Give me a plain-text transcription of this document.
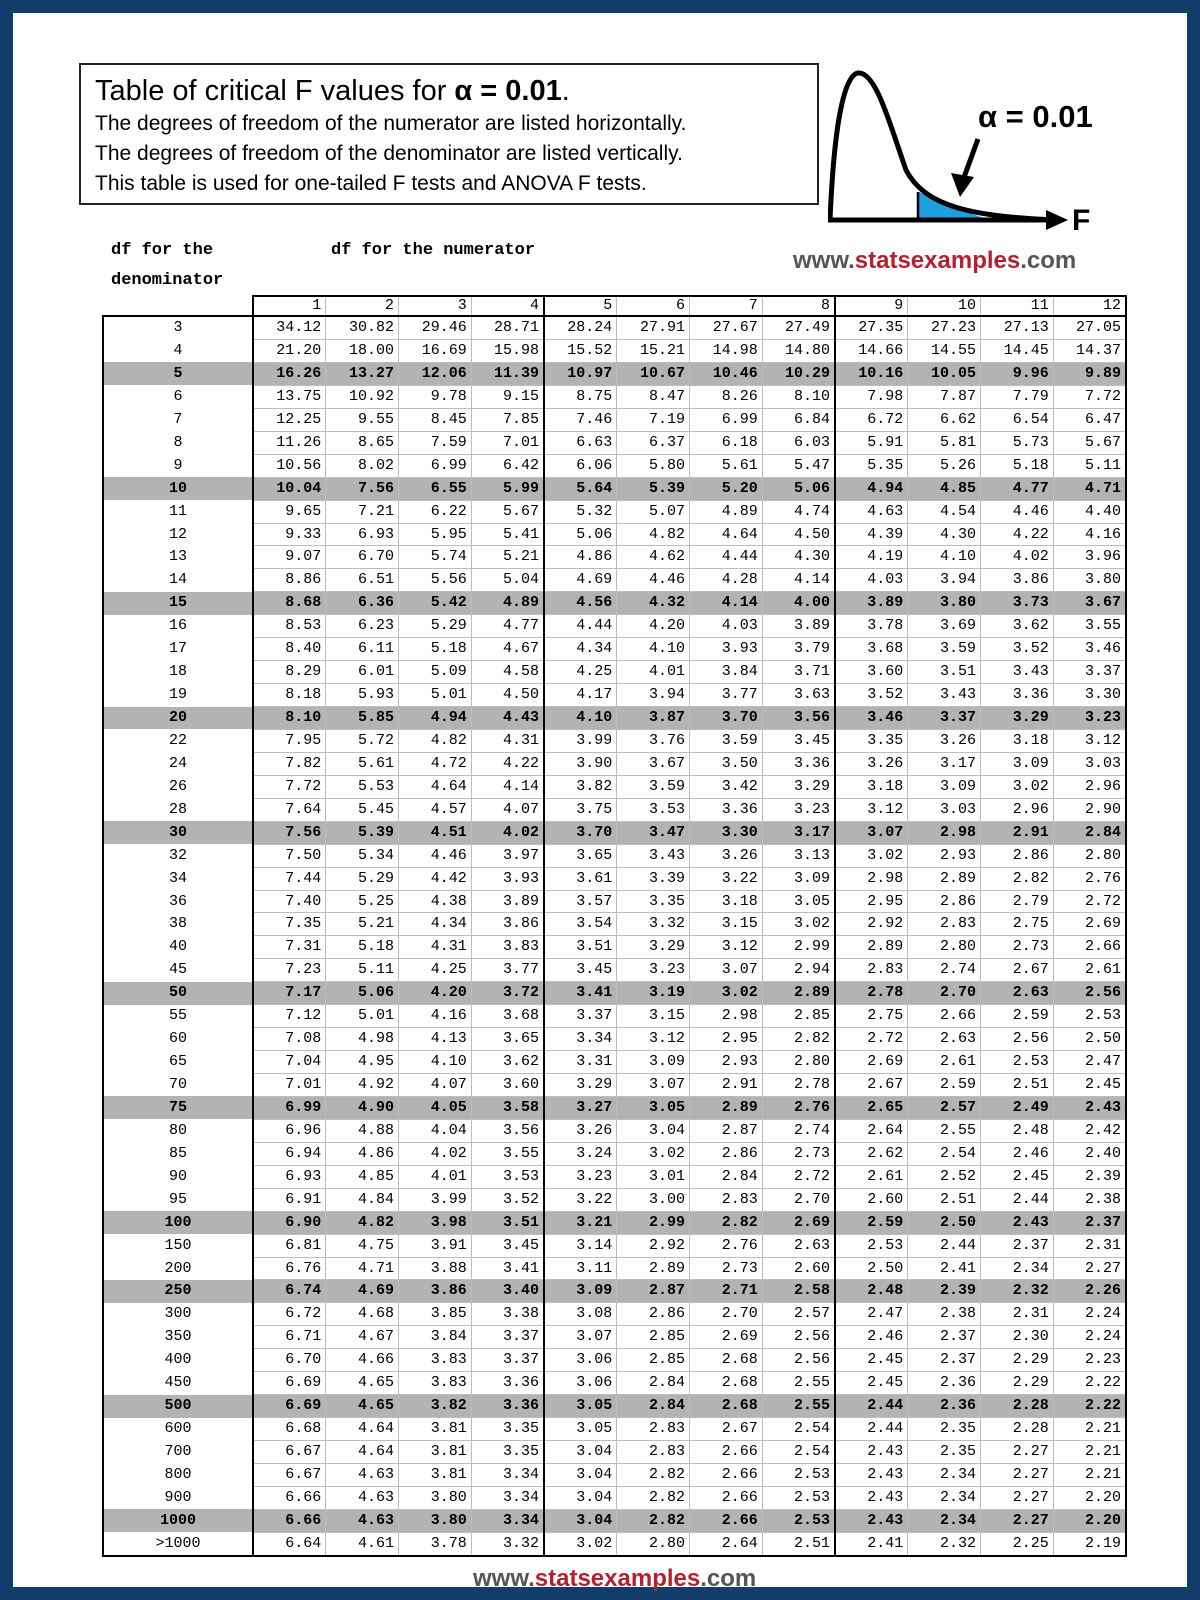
Table of critical F values for α = 0.01.
The degrees of freedom of the numerator are listed horizontally.
The degrees of freedom of the denominator are listed vertically.
This table is used for one-tailed F tests and ANOVA F tests.
α = 0.01
F
df for the
denominator
df for the numerator	www.statsexamples.com
	1	2	3	4	5	6	7	8	9	10	11	12
3	34.12	30.82	29.46	28.71	28.24	27.91	27.67	27.49	27.35	27.23	27.13	27.05
4	21.20	18.00	16.69	15.98	15.52	15.21	14.98	14.80	14.66	14.55	14.45	14.37
5	16.26	13.27	12.06	11.39	10.97	10.67	10.46	10.29	10.16	10.05	9.96	9.89
6	13.75	10.92	9.78	9.15	8.75	8.47	8.26	8.10	7.98	7.87	7.79	7.72
7	12.25	9.55	8.45	7.85	7.46	7.19	6.99	6.84	6.72	6.62	6.54	6.47
8	11.26	8.65	7.59	7.01	6.63	6.37	6.18	6.03	5.91	5.81	5.73	5.67
9	10.56	8.02	6.99	6.42	6.06	5.80	5.61	5.47	5.35	5.26	5.18	5.11
10	10.04	7.56	6.55	5.99	5.64	5.39	5.20	5.06	4.94	4.85	4.77	4.71
11	9.65	7.21	6.22	5.67	5.32	5.07	4.89	4.74	4.63	4.54	4.46	4.40
12	9.33	6.93	5.95	5.41	5.06	4.82	4.64	4.50	4.39	4.30	4.22	4.16
13	9.07	6.70	5.74	5.21	4.86	4.62	4.44	4.30	4.19	4.10	4.02	3.96
14	8.86	6.51	5.56	5.04	4.69	4.46	4.28	4.14	4.03	3.94	3.86	3.80
15	8.68	6.36	5.42	4.89	4.56	4.32	4.14	4.00	3.89	3.80	3.73	3.67
16	8.53	6.23	5.29	4.77	4.44	4.20	4.03	3.89	3.78	3.69	3.62	3.55
17	8.40	6.11	5.18	4.67	4.34	4.10	3.93	3.79	3.68	3.59	3.52	3.46
18	8.29	6.01	5.09	4.58	4.25	4.01	3.84	3.71	3.60	3.51	3.43	3.37
19	8.18	5.93	5.01	4.50	4.17	3.94	3.77	3.63	3.52	3.43	3.36	3.30
20	8.10	5.85	4.94	4.43	4.10	3.87	3.70	3.56	3.46	3.37	3.29	3.23
22	7.95	5.72	4.82	4.31	3.99	3.76	3.59	3.45	3.35	3.26	3.18	3.12
24	7.82	5.61	4.72	4.22	3.90	3.67	3.50	3.36	3.26	3.17	3.09	3.03
26	7.72	5.53	4.64	4.14	3.82	3.59	3.42	3.29	3.18	3.09	3.02	2.96
28	7.64	5.45	4.57	4.07	3.75	3.53	3.36	3.23	3.12	3.03	2.96	2.90
30	7.56	5.39	4.51	4.02	3.70	3.47	3.30	3.17	3.07	2.98	2.91	2.84
32	7.50	5.34	4.46	3.97	3.65	3.43	3.26	3.13	3.02	2.93	2.86	2.80
34	7.44	5.29	4.42	3.93	3.61	3.39	3.22	3.09	2.98	2.89	2.82	2.76
36	7.40	5.25	4.38	3.89	3.57	3.35	3.18	3.05	2.95	2.86	2.79	2.72
38	7.35	5.21	4.34	3.86	3.54	3.32	3.15	3.02	2.92	2.83	2.75	2.69
40	7.31	5.18	4.31	3.83	3.51	3.29	3.12	2.99	2.89	2.80	2.73	2.66
45	7.23	5.11	4.25	3.77	3.45	3.23	3.07	2.94	2.83	2.74	2.67	2.61
50	7.17	5.06	4.20	3.72	3.41	3.19	3.02	2.89	2.78	2.70	2.63	2.56
55	7.12	5.01	4.16	3.68	3.37	3.15	2.98	2.85	2.75	2.66	2.59	2.53
60	7.08	4.98	4.13	3.65	3.34	3.12	2.95	2.82	2.72	2.63	2.56	2.50
65	7.04	4.95	4.10	3.62	3.31	3.09	2.93	2.80	2.69	2.61	2.53	2.47
70	7.01	4.92	4.07	3.60	3.29	3.07	2.91	2.78	2.67	2.59	2.51	2.45
75	6.99	4.90	4.05	3.58	3.27	3.05	2.89	2.76	2.65	2.57	2.49	2.43
80	6.96	4.88	4.04	3.56	3.26	3.04	2.87	2.74	2.64	2.55	2.48	2.42
85	6.94	4.86	4.02	3.55	3.24	3.02	2.86	2.73	2.62	2.54	2.46	2.40
90	6.93	4.85	4.01	3.53	3.23	3.01	2.84	2.72	2.61	2.52	2.45	2.39
95	6.91	4.84	3.99	3.52	3.22	3.00	2.83	2.70	2.60	2.51	2.44	2.38
100	6.90	4.82	3.98	3.51	3.21	2.99	2.82	2.69	2.59	2.50	2.43	2.37
150	6.81	4.75	3.91	3.45	3.14	2.92	2.76	2.63	2.53	2.44	2.37	2.31
200	6.76	4.71	3.88	3.41	3.11	2.89	2.73	2.60	2.50	2.41	2.34	2.27
250	6.74	4.69	3.86	3.40	3.09	2.87	2.71	2.58	2.48	2.39	2.32	2.26
300	6.72	4.68	3.85	3.38	3.08	2.86	2.70	2.57	2.47	2.38	2.31	2.24
350	6.71	4.67	3.84	3.37	3.07	2.85	2.69	2.56	2.46	2.37	2.30	2.24
400	6.70	4.66	3.83	3.37	3.06	2.85	2.68	2.56	2.45	2.37	2.29	2.23
450	6.69	4.65	3.83	3.36	3.06	2.84	2.68	2.55	2.45	2.36	2.29	2.22
500	6.69	4.65	3.82	3.36	3.05	2.84	2.68	2.55	2.44	2.36	2.28	2.22
600	6.68	4.64	3.81	3.35	3.05	2.83	2.67	2.54	2.44	2.35	2.28	2.21
700	6.67	4.64	3.81	3.35	3.04	2.83	2.66	2.54	2.43	2.35	2.27	2.21
800	6.67	4.63	3.81	3.34	3.04	2.82	2.66	2.53	2.43	2.34	2.27	2.21
900	6.66	4.63	3.80	3.34	3.04	2.82	2.66	2.53	2.43	2.34	2.27	2.20
1000	6.66	4.63	3.80	3.34	3.04	2.82	2.66	2.53	2.43	2.34	2.27	2.20
>1000	6.64	4.61	3.78	3.32	3.02	2.80	2.64	2.51	2.41	2.32	2.25	2.19
www.statsexamples.com
